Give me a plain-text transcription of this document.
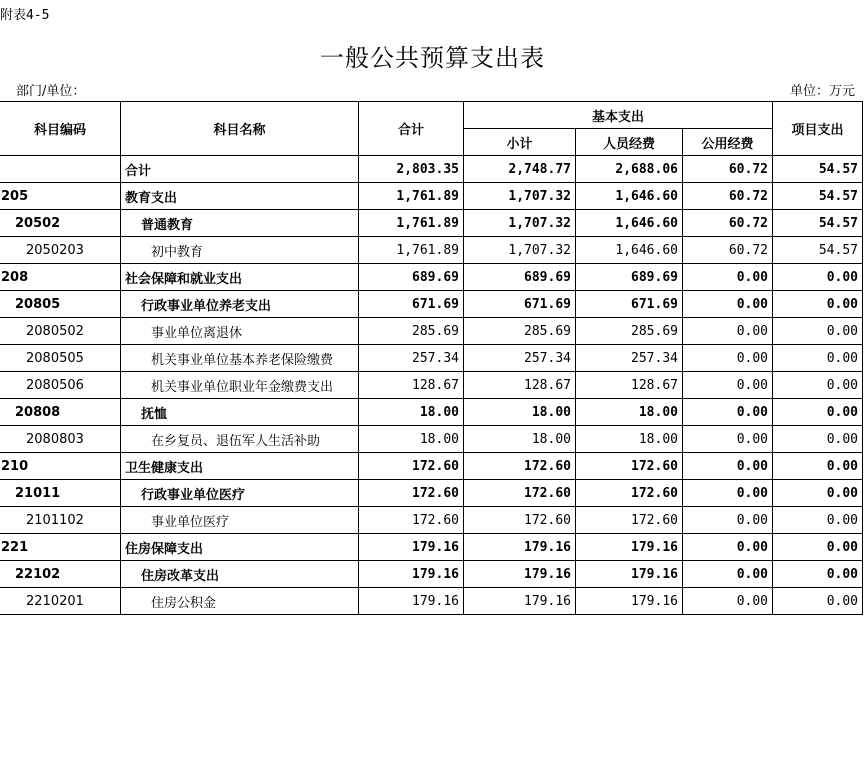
附表4-5
一般公共预算支出表
部门/单位：	单位：万元
科目编码	科目名称	合计	基本支出			项目支出
			小计	人员经费	公用经费	
	合计	2,803.35	2,748.77	2,688.06	60.72	54.57
205	教育支出	1,761.89	1,707.32	1,646.60	60.72	54.57
20502	普通教育	1,761.89	1,707.32	1,646.60	60.72	54.57
2050203	初中教育	1,761.89	1,707.32	1,646.60	60.72	54.57
208	社会保障和就业支出	689.69	689.69	689.69	0.00	0.00
20805	行政事业单位养老支出	671.69	671.69	671.69	0.00	0.00
2080502	事业单位离退休	285.69	285.69	285.69	0.00	0.00
2080505	机关事业单位基本养老保险缴费	257.34	257.34	257.34	0.00	0.00
2080506	机关事业单位职业年金缴费支出	128.67	128.67	128.67	0.00	0.00
20808	抚恤	18.00	18.00	18.00	0.00	0.00
2080803	在乡复员、退伍军人生活补助	18.00	18.00	18.00	0.00	0.00
210	卫生健康支出	172.60	172.60	172.60	0.00	0.00
21011	行政事业单位医疗	172.60	172.60	172.60	0.00	0.00
2101102	事业单位医疗	172.60	172.60	172.60	0.00	0.00
221	住房保障支出	179.16	179.16	179.16	0.00	0.00
22102	住房改革支出	179.16	179.16	179.16	0.00	0.00
2210201	住房公积金	179.16	179.16	179.16	0.00	0.00
